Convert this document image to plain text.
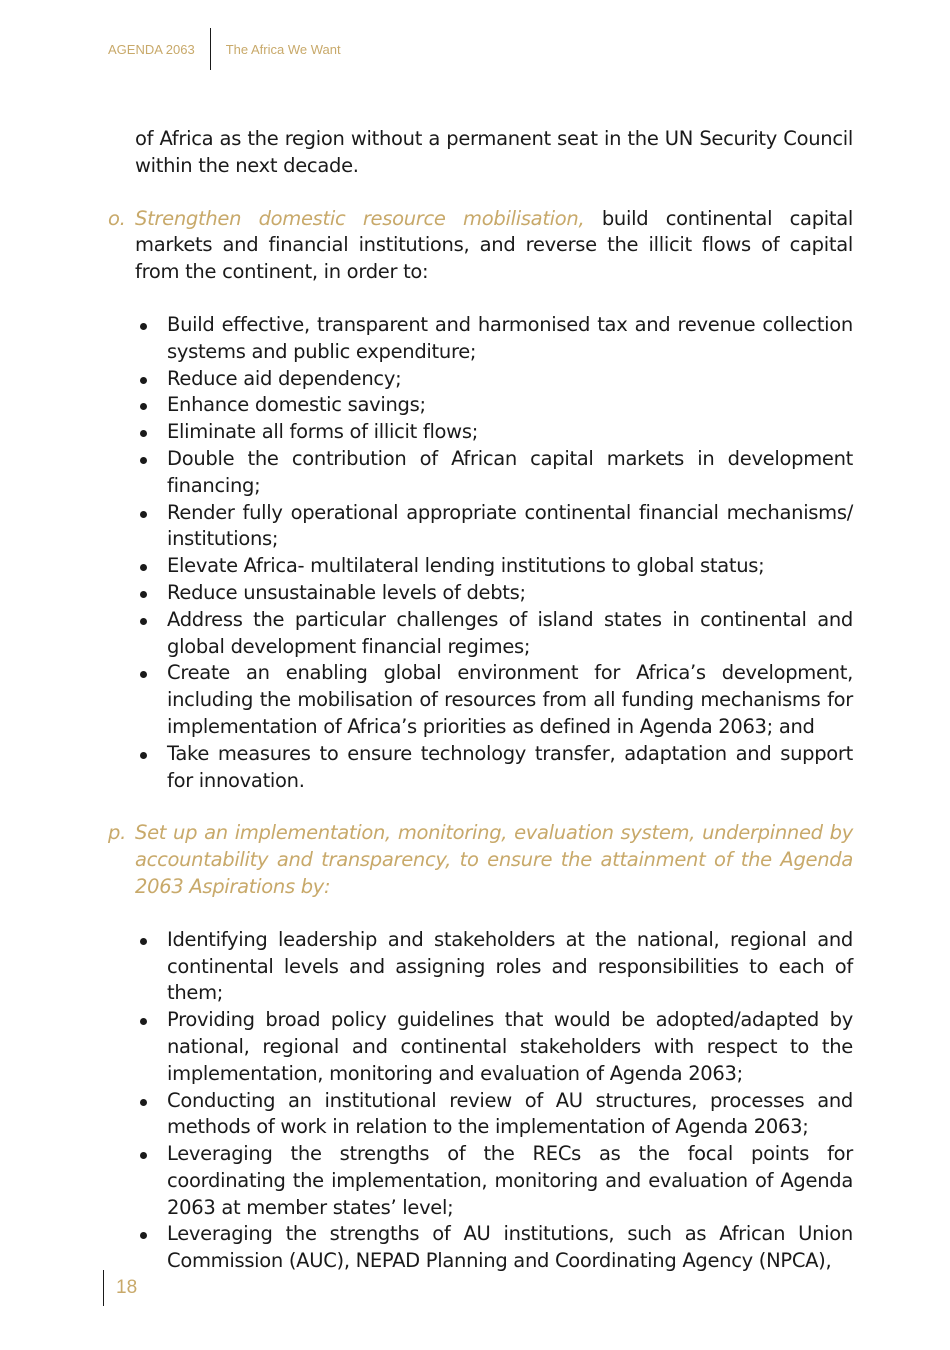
AGENDA 2063	The Africa We Want

of Africa as the region without a permanent seat in the UN Security Council within the next decade.

o. Strengthen domestic resource mobilisation, build continental capital markets and financial institutions, and reverse the illicit flows of capital from the continent, in order to:
Build effective, transparent and harmonised tax and revenue collection systems and public expenditure;
Reduce aid dependency;
Enhance domestic savings;
Eliminate all forms of illicit flows;
Double the contribution of African capital markets in development financing;
Render fully operational appropriate continental financial mechanisms/ institutions;
Elevate Africa- multilateral lending institutions to global status;
Reduce unsustainable levels of debts;
Address the particular challenges of island states in continental and global development financial regimes;
Create an enabling global environment for Africa’s development, including the mobilisation of resources from all funding mechanisms for implementation of Africa’s priorities as defined in Agenda 2063; and
Take measures to ensure technology transfer, adaptation and support for innovation.
p. Set up an implementation, monitoring, evaluation system, underpinned by accountability and transparency, to ensure the attainment of the Agenda 2063 Aspirations by:
Identifying leadership and stakeholders at the national, regional and continental levels and assigning roles and responsibilities to each of them;
Providing broad policy guidelines that would be adopted/adapted by national, regional and continental stakeholders with respect to the implementation, monitoring and evaluation of Agenda 2063;
Conducting an institutional review of AU structures, processes and methods of work in relation to the implementation of Agenda 2063;
Leveraging the strengths of the RECs as the focal points for coordinating the implementation, monitoring and evaluation of Agenda 2063 at member states’ level;
Leveraging the strengths of AU institutions, such as African Union Commission (AUC), NEPAD Planning and Coordinating Agency (NPCA),
18
